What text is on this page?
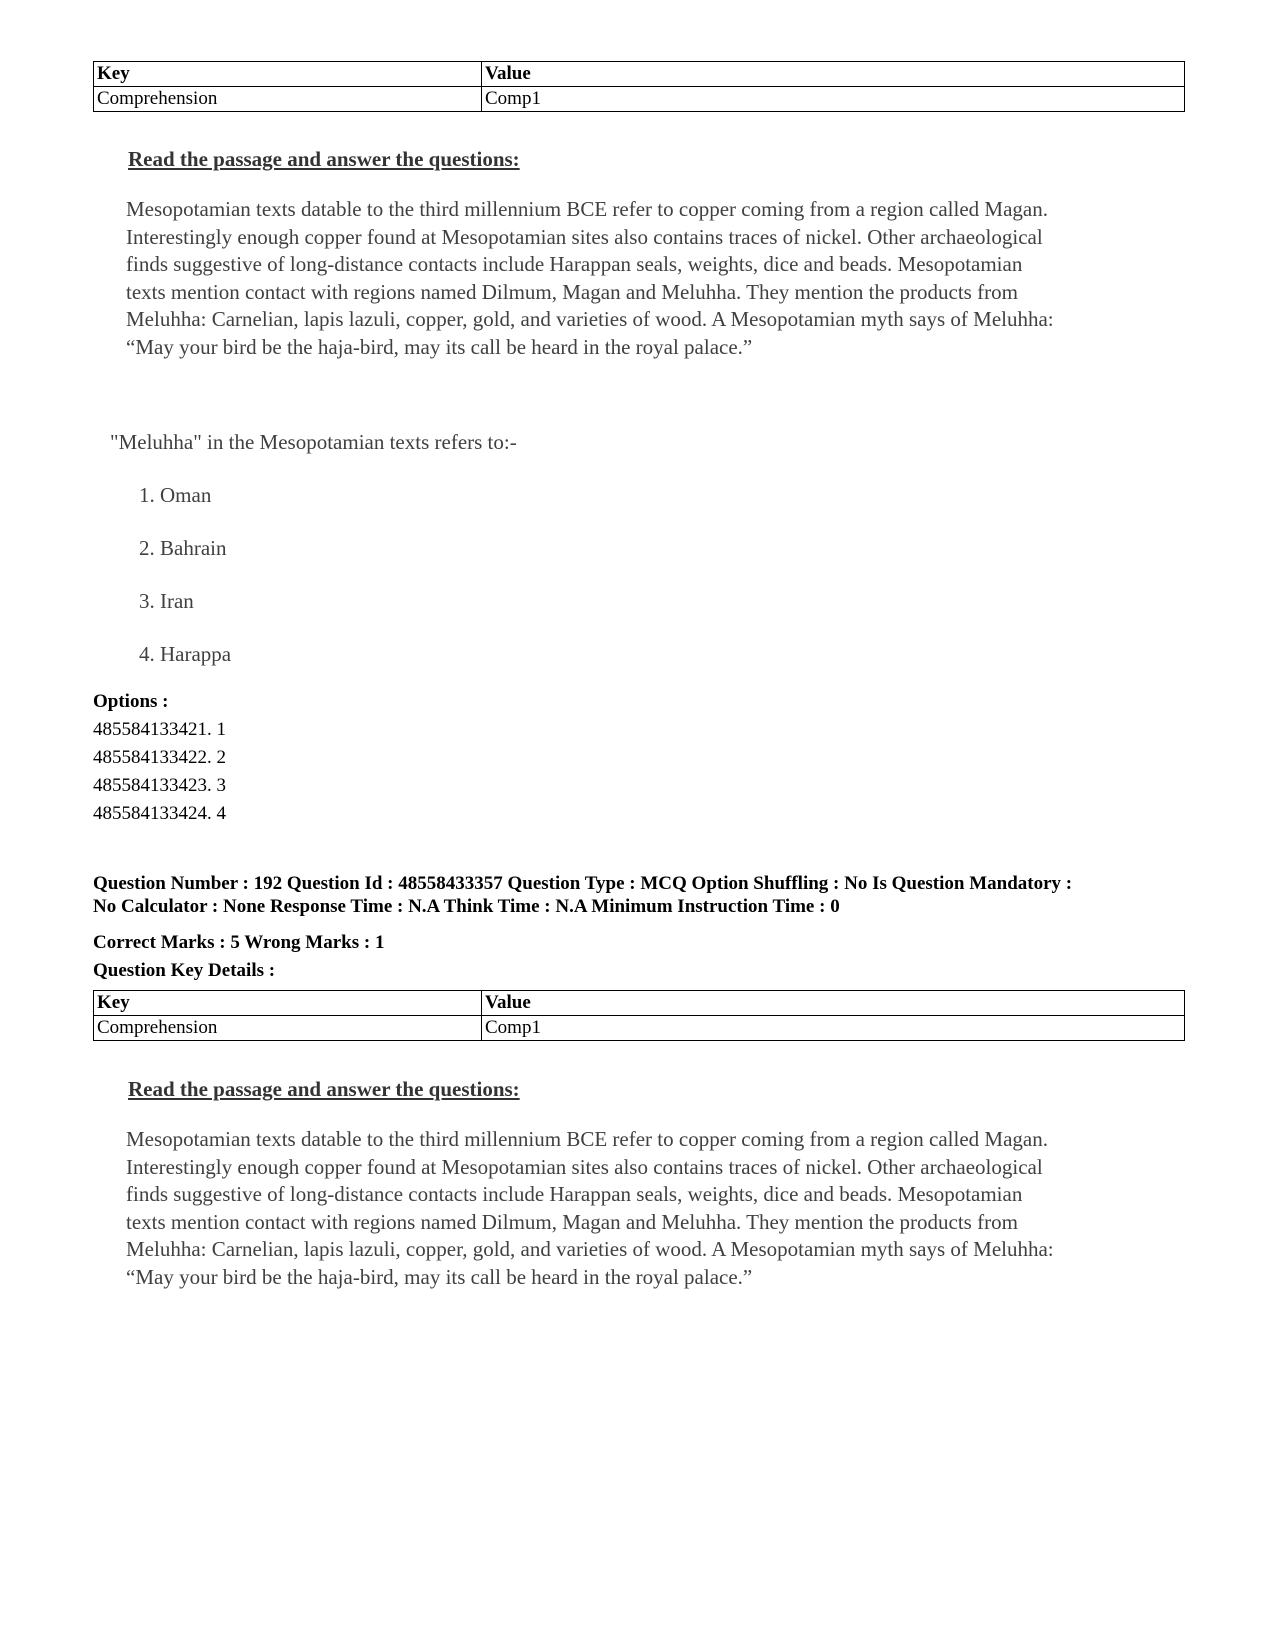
Key	Value
Comprehension	Comp1
Read the passage and answer the questions:
Mesopotamian texts datable to the third millennium BCE refer to copper coming from a region called Magan.
Interestingly enough copper found at Mesopotamian sites also contains traces of nickel. Other archaeological
finds suggestive of long-distance contacts include Harappan seals, weights, dice and beads. Mesopotamian
texts mention contact with regions named Dilmum, Magan and Meluhha. They mention the products from
Meluhha: Carnelian, lapis lazuli, copper, gold, and varieties of wood. A Mesopotamian myth says of Meluhha:
“May your bird be the haja-bird, may its call be heard in the royal palace.”
"Meluhha" in the Mesopotamian texts refers to:-
1. Oman
2. Bahrain
3. Iran
4. Harappa
Options :
485584133421. 1
485584133422. 2
485584133423. 3
485584133424. 4
Question Number : 192 Question Id : 48558433357 Question Type : MCQ Option Shuffling : No Is Question Mandatory :
No Calculator : None Response Time : N.A Think Time : N.A Minimum Instruction Time : 0
Correct Marks : 5 Wrong Marks : 1
Question Key Details :
Key	Value
Comprehension	Comp1
Read the passage and answer the questions:
Mesopotamian texts datable to the third millennium BCE refer to copper coming from a region called Magan.
Interestingly enough copper found at Mesopotamian sites also contains traces of nickel. Other archaeological
finds suggestive of long-distance contacts include Harappan seals, weights, dice and beads. Mesopotamian
texts mention contact with regions named Dilmum, Magan and Meluhha. They mention the products from
Meluhha: Carnelian, lapis lazuli, copper, gold, and varieties of wood. A Mesopotamian myth says of Meluhha:
“May your bird be the haja-bird, may its call be heard in the royal palace.”
